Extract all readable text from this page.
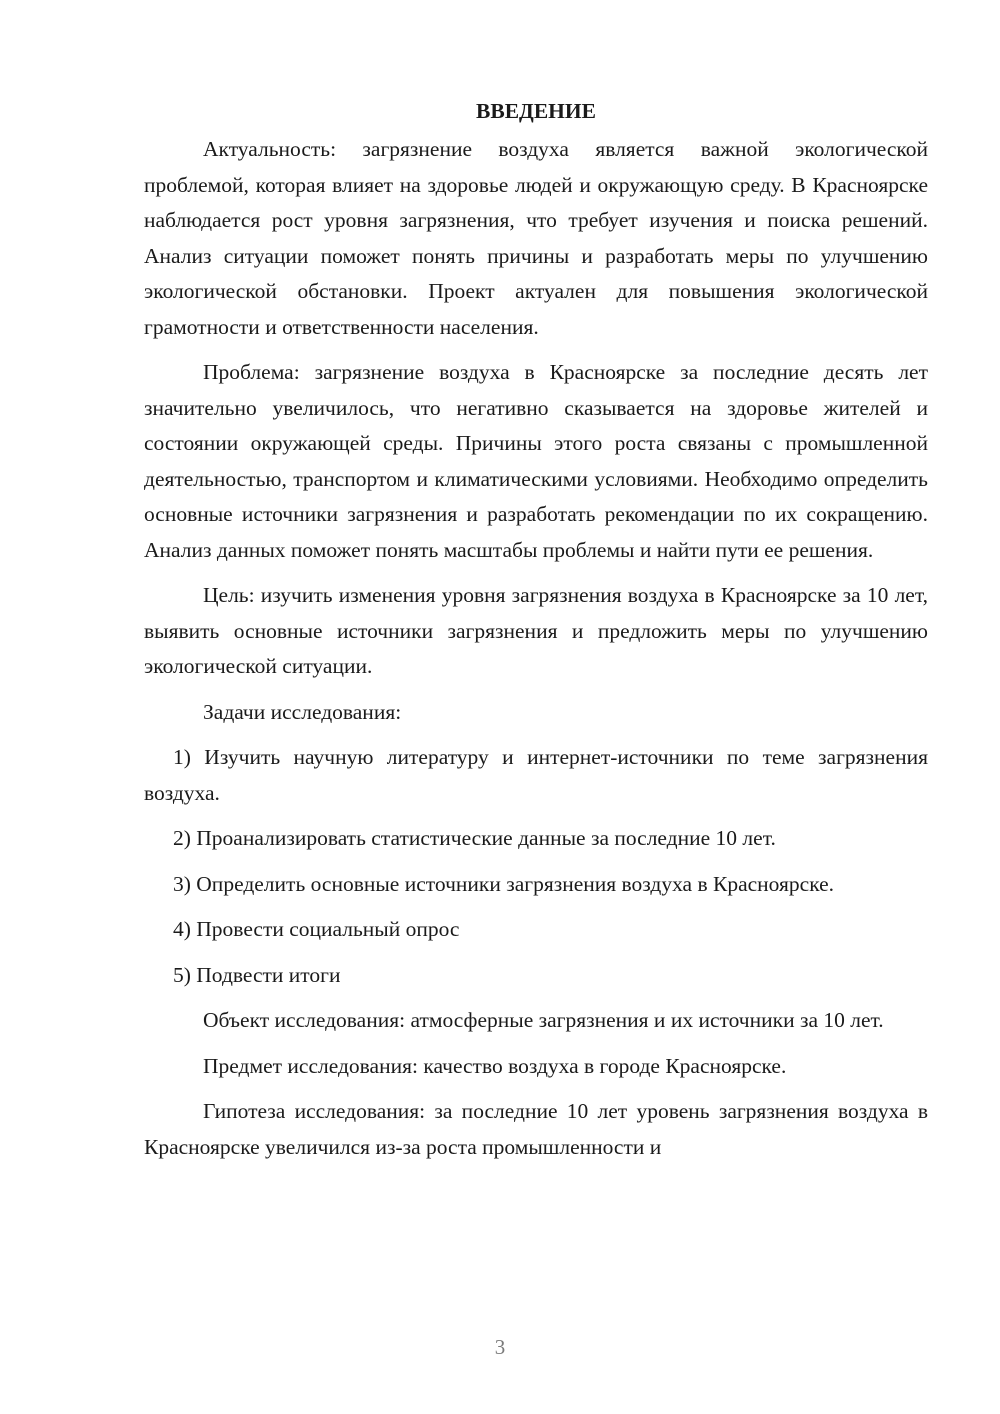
ВВЕДЕНИЕ

Актуальность: загрязнение воздуха является важной экологической проблемой, которая влияет на здоровье людей и окружающую среду. В Красноярске наблюдается рост уровня загрязнения, что требует изучения и поиска решений. Анализ ситуации поможет понять причины и разработать меры по улучшению экологической обстановки. Проект актуален для повышения экологической грамотности и ответственности населения.

Проблема: загрязнение воздуха в Красноярске за последние десять лет значительно увеличилось, что негативно сказывается на здоровье жителей и состоянии окружающей среды. Причины этого роста связаны с промышленной деятельностью, транспортом и климатическими условиями. Необходимо определить основные источники загрязнения и разработать рекомендации по их сокращению. Анализ данных поможет понять масштабы проблемы и найти пути ее решения.

Цель: изучить изменения уровня загрязнения воздуха в Красноярске за 10 лет, выявить основные источники загрязнения и предложить меры по улучшению экологической ситуации.

Задачи исследования:

1) Изучить научную литературу и интернет-источники по теме загрязнения воздуха.

2) Проанализировать статистические данные за последние 10 лет.

3) Определить основные источники загрязнения воздуха в Красноярске.

4) Провести социальный опрос

5) Подвести итоги

Объект исследования: атмосферные загрязнения и их источники за 10 лет.

Предмет исследования: качество воздуха в городе Красноярске.

Гипотеза исследования: за последние 10 лет уровень загрязнения воздуха в Красноярске увеличился из-за роста промышленности и

3
